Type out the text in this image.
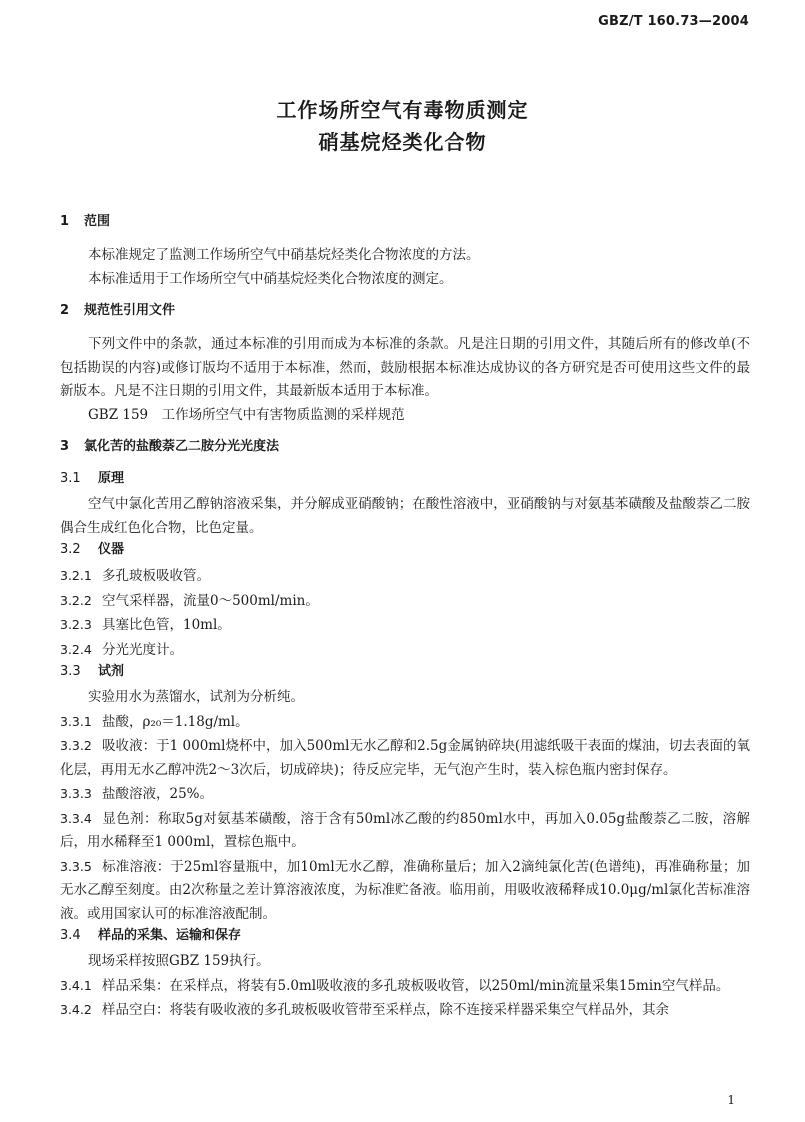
GBZ/T 160.73—2004
工作场所空气有毒物质测定
硝基烷烃类化合物
1 范围
本标准规定了监测工作场所空气中硝基烷烃类化合物浓度的方法。
本标准适用于工作场所空气中硝基烷烃类化合物浓度的测定。
2 规范性引用文件
下列文件中的条款，通过本标准的引用而成为本标准的条款。凡是注日期的引用文件，其随后所有的修改单(不包括勘误的内容)或修订版均不适用于本标准，然而，鼓励根据本标准达成协议的各方研究是否可使用这些文件的最新版本。凡是不注日期的引用文件，其最新版本适用于本标准。
GBZ 159　工作场所空气中有害物质监测的采样规范
3 氯化苦的盐酸萘乙二胺分光光度法
3.1 原理
空气中氯化苦用乙醇钠溶液采集，并分解成亚硝酸钠；在酸性溶液中，亚硝酸钠与对氨基苯磺酸及盐酸萘乙二胺偶合生成红色化合物，比色定量。
3.2 仪器
3.2.1 多孔玻板吸收管。
3.2.2 空气采样器，流量0～500ml/min。
3.2.3 具塞比色管，10ml。
3.2.4 分光光度计。
3.3 试剂
实验用水为蒸馏水，试剂为分析纯。
3.3.1 盐酸，ρ₂₀＝1.18g/ml。
3.3.2 吸收液：于1 000ml烧杯中，加入500ml无水乙醇和2.5g金属钠碎块(用滤纸吸干表面的煤油，切去表面的氧化层，再用无水乙醇冲洗2～3次后，切成碎块)；待反应完毕，无气泡产生时，装入棕色瓶内密封保存。
3.3.3 盐酸溶液，25%。
3.3.4 显色剂：称取5g对氨基苯磺酸，溶于含有50ml冰乙酸的约850ml水中，再加入0.05g盐酸萘乙二胺，溶解后，用水稀释至1 000ml，置棕色瓶中。
3.3.5 标准溶液：于25ml容量瓶中，加10ml无水乙醇，准确称量后；加入2滴纯氯化苦(色谱纯)，再准确称量；加无水乙醇至刻度。由2次称量之差计算溶液浓度，为标准贮备液。临用前，用吸收液稀释成10.0μg/ml氯化苦标准溶液。或用国家认可的标准溶液配制。
3.4 样品的采集、运输和保存
现场采样按照GBZ 159执行。
3.4.1 样品采集：在采样点，将装有5.0ml吸收液的多孔玻板吸收管，以250ml/min流量采集15min空气样品。
3.4.2 样品空白：将装有吸收液的多孔玻板吸收管带至采样点，除不连接采样器采集空气样品外，其余
1
